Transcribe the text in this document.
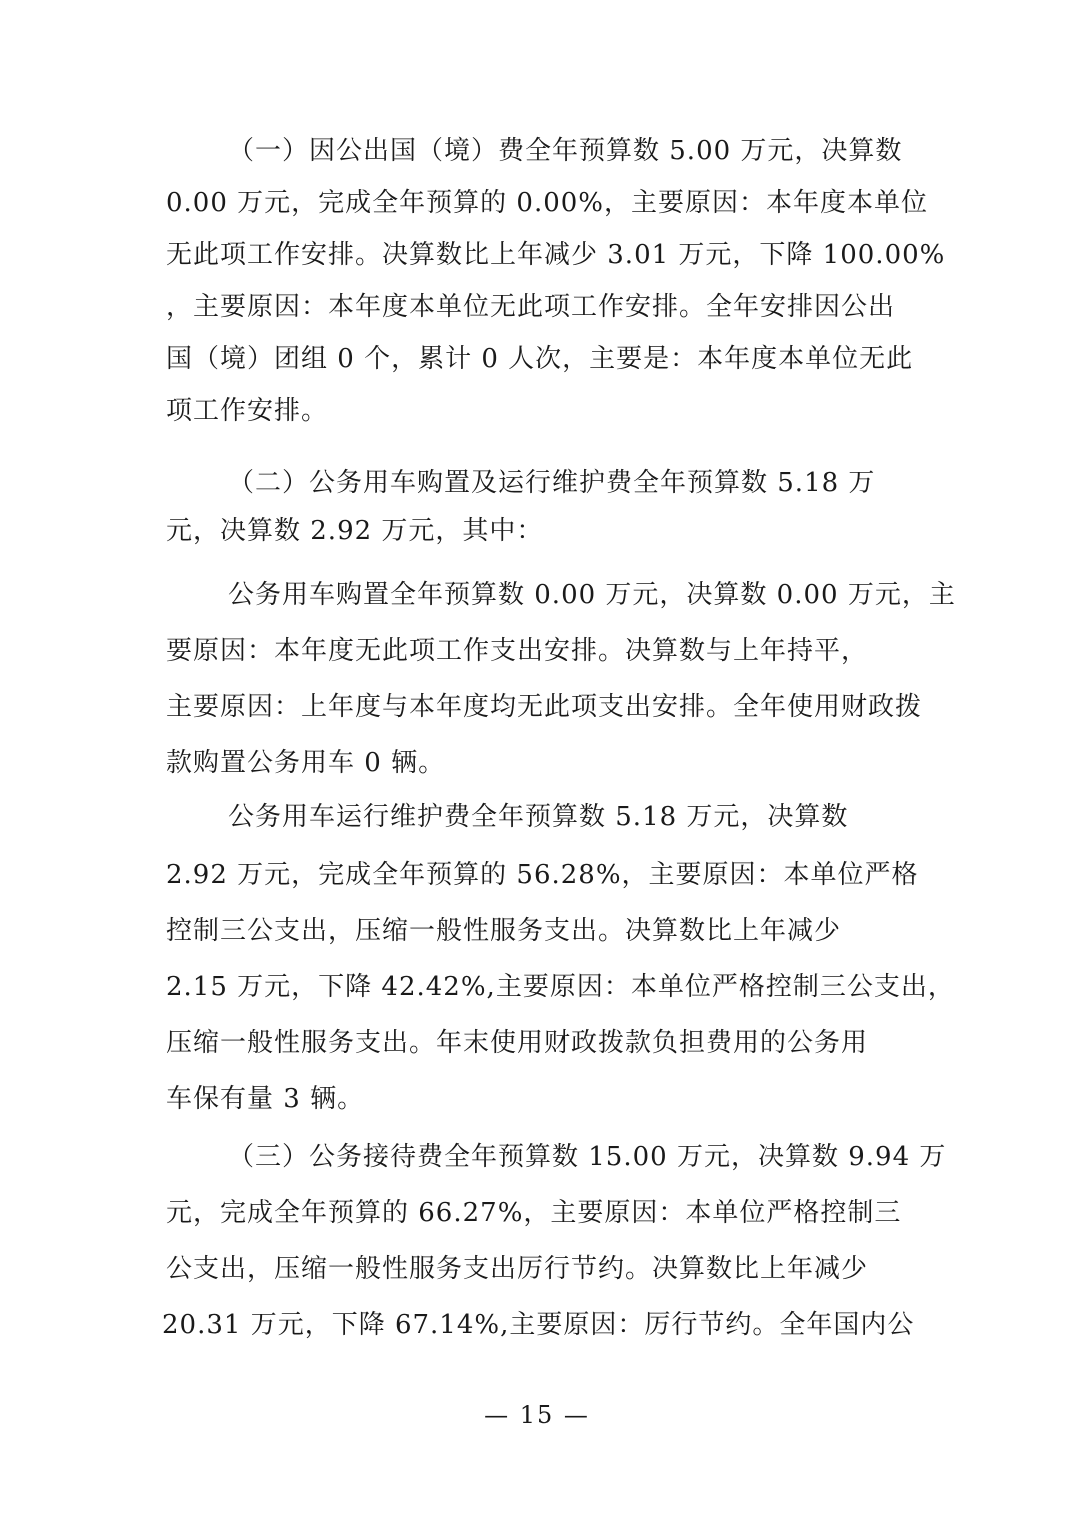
（一）因公出国（境）费全年预算数 5.00 万元，决算数
0.00 万元，完成全年预算的 0.00%，主要原因：本年度本单位
无此项工作安排。决算数比上年减少 3.01 万元，下降 100.00%
，主要原因：本年度本单位无此项工作安排。全年安排因公出
国（境）团组 0 个，累计 0 人次，主要是：本年度本单位无此
项工作安排。
（二）公务用车购置及运行维护费全年预算数 5.18 万
元，决算数 2.92 万元，其中：
公务用车购置全年预算数 0.00 万元，决算数 0.00 万元，主
要原因：本年度无此项工作支出安排。决算数与上年持平，
主要原因：上年度与本年度均无此项支出安排。全年使用财政拨
款购置公务用车 0 辆。
公务用车运行维护费全年预算数 5.18 万元，决算数
2.92 万元，完成全年预算的 56.28%，主要原因：本单位严格
控制三公支出，压缩一般性服务支出。决算数比上年减少
2.15 万元，下降 42.42%,主要原因：本单位严格控制三公支出，
压缩一般性服务支出。年末使用财政拨款负担费用的公务用
车保有量 3 辆。
（三）公务接待费全年预算数 15.00 万元，决算数 9.94 万
元，完成全年预算的 66.27%，主要原因：本单位严格控制三
公支出，压缩一般性服务支出厉行节约。决算数比上年减少
20.31 万元，下降 67.14%,主要原因：厉行节约。全年国内公
— 15 —
